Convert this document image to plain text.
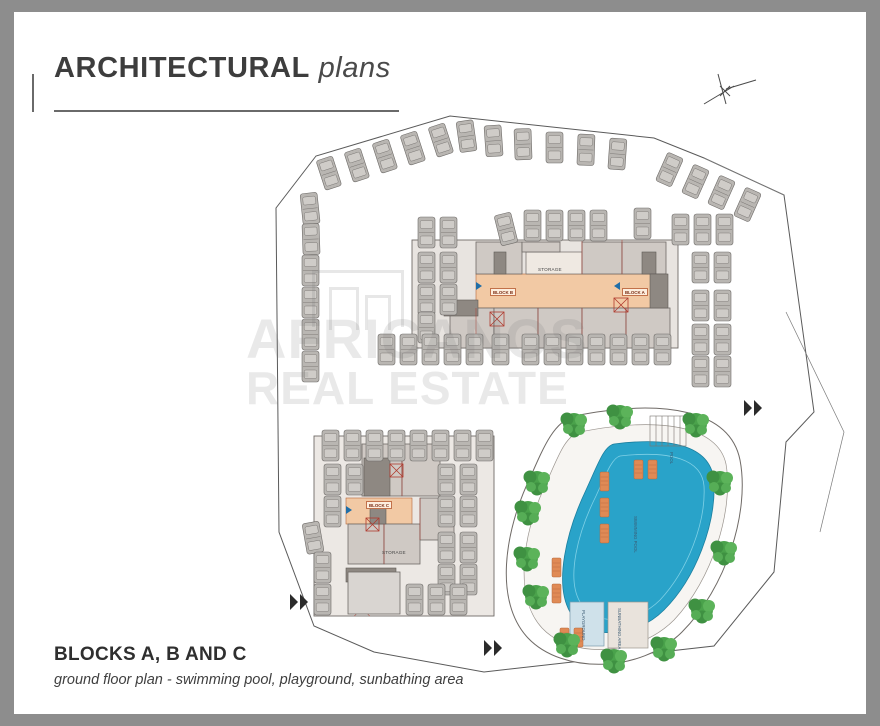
ARCHITECTURAL plans
BLOCK B	BLOCK A
BLOCK C
STORAGE
STORAGE	SWIMMING POOL
PLAYGROUND	SUNBATHING AREA
POOL
REAL ESTATE
BLOCKS A, B AND C
ground floor plan - swimming pool, playground, sunbathing area
